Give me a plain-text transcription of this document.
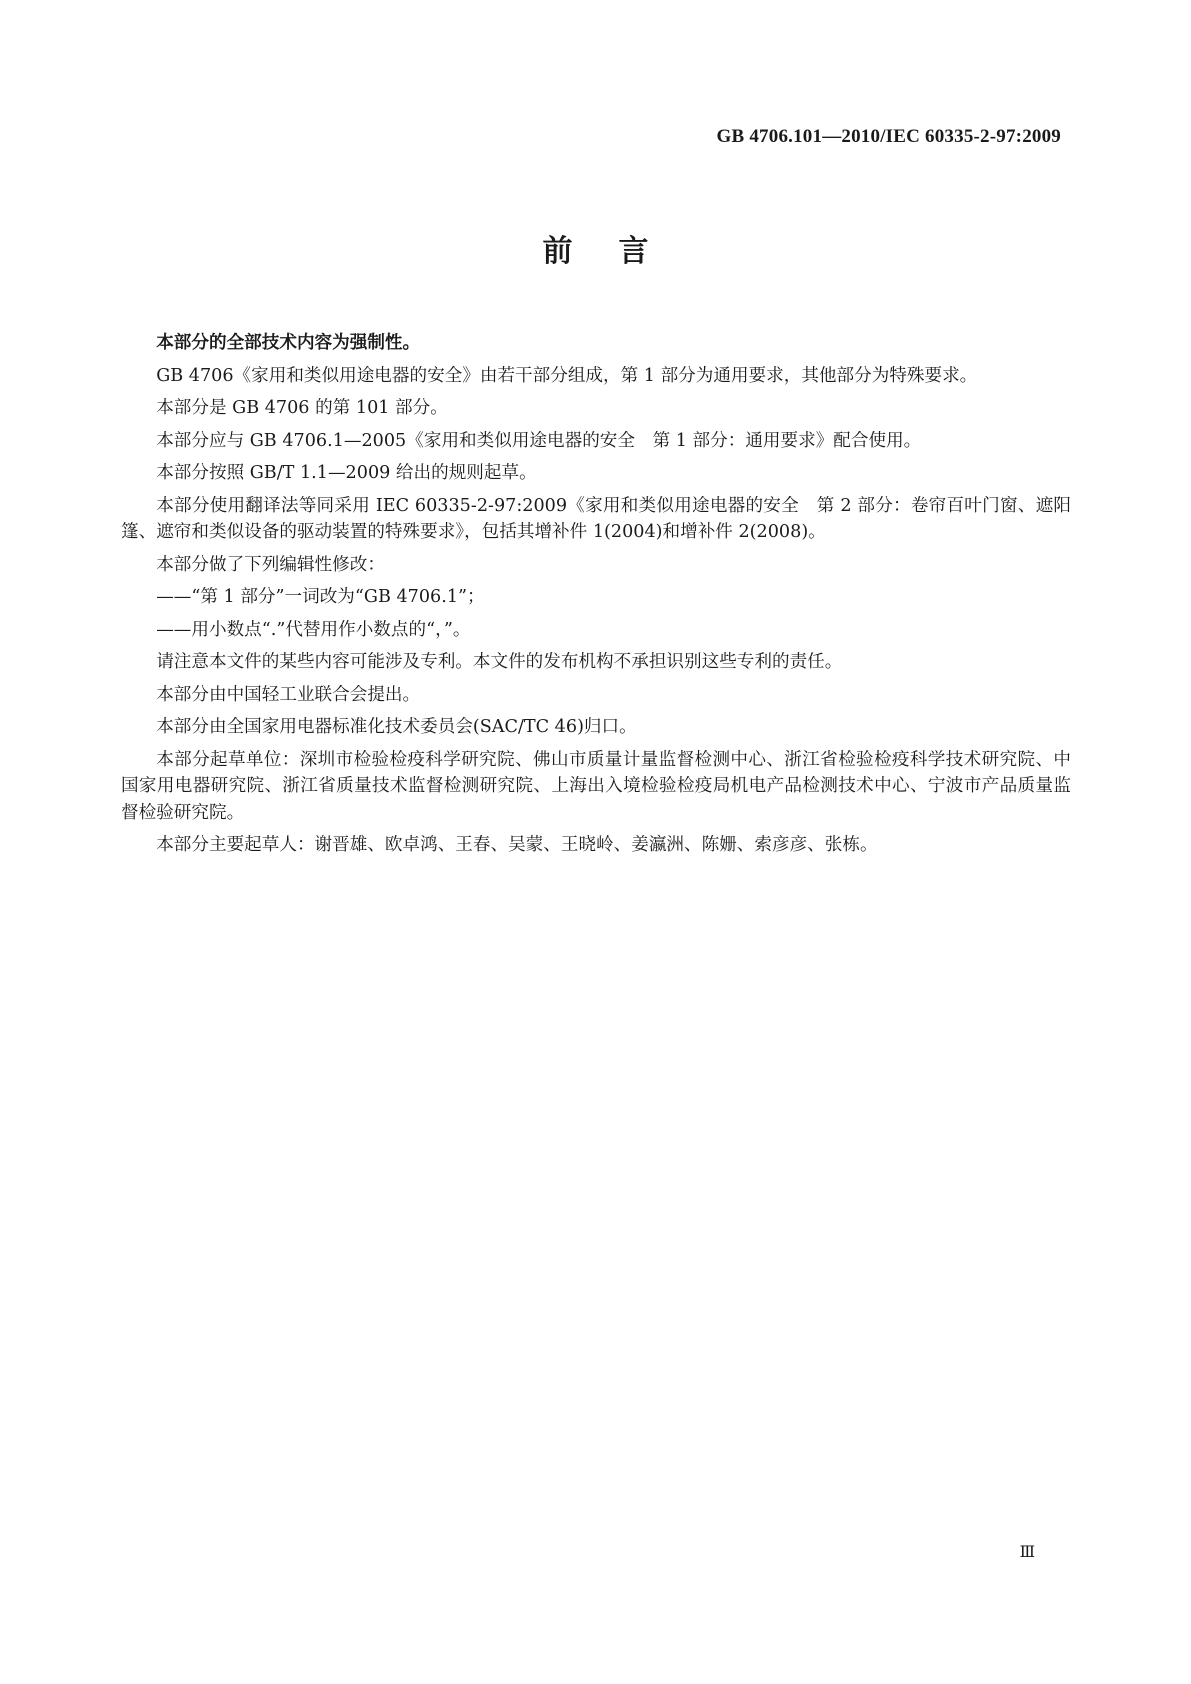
GB 4706.101—2010/IEC 60335-2-97:2009
前言

本部分的全部技术内容为强制性。

GB 4706《家用和类似用途电器的安全》由若干部分组成，第 1 部分为通用要求，其他部分为特殊要求。

本部分是 GB 4706 的第 101 部分。

本部分应与 GB 4706.1—2005《家用和类似用途电器的安全　第 1 部分：通用要求》配合使用。

本部分按照 GB/T 1.1—2009 给出的规则起草。

本部分使用翻译法等同采用 IEC 60335-2-97:2009《家用和类似用途电器的安全　第 2 部分：卷帘百叶门窗、遮阳篷、遮帘和类似设备的驱动装置的特殊要求》，包括其增补件 1(2004)和增补件 2(2008)。

本部分做了下列编辑性修改：

——“第 1 部分”一词改为“GB 4706.1”；

——用小数点“.”代替用作小数点的“，”。

请注意本文件的某些内容可能涉及专利。本文件的发布机构不承担识别这些专利的责任。

本部分由中国轻工业联合会提出。

本部分由全国家用电器标准化技术委员会(SAC/TC 46)归口。

本部分起草单位：深圳市检验检疫科学研究院、佛山市质量计量监督检测中心、浙江省检验检疫科学技术研究院、中国家用电器研究院、浙江省质量技术监督检测研究院、上海出入境检验检疫局机电产品检测技术中心、宁波市产品质量监督检验研究院。

本部分主要起草人：谢晋雄、欧卓鸿、王春、吴蒙、王晓岭、姜瀛洲、陈姗、索彦彦、张栋。

Ⅲ
